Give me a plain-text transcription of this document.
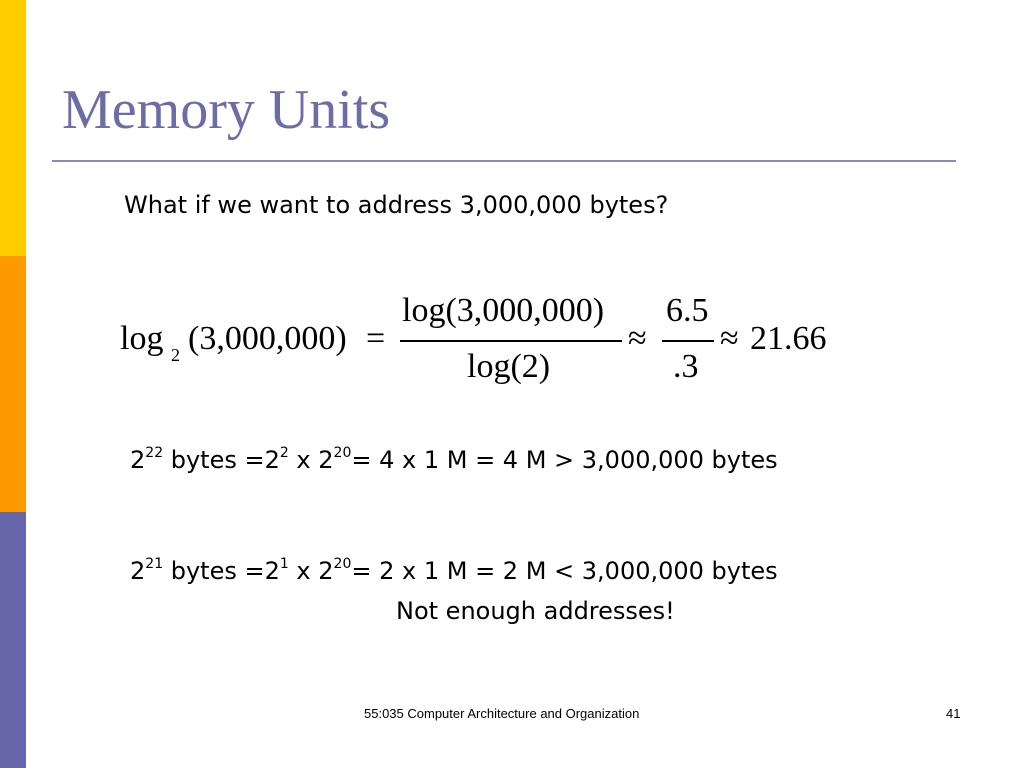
Memory Units
What if we want to address 3,000,000 bytes?
log 2 (3,000,000) =
log(3,000,000)
log(2)
≈
6.5
.3
≈ 21.66
$2^{22}$ bytes $=2^2$ x $2^{20}= 4$ x 1 M = 4 M > 3,000,000 bytes
$2^{21}$ bytes $=2^1$ x $2^{20}= 2$ x 1 M = 2 M < 3,000,000 bytes
Not enough addresses!
55:035 Computer Architecture and Organization	41
